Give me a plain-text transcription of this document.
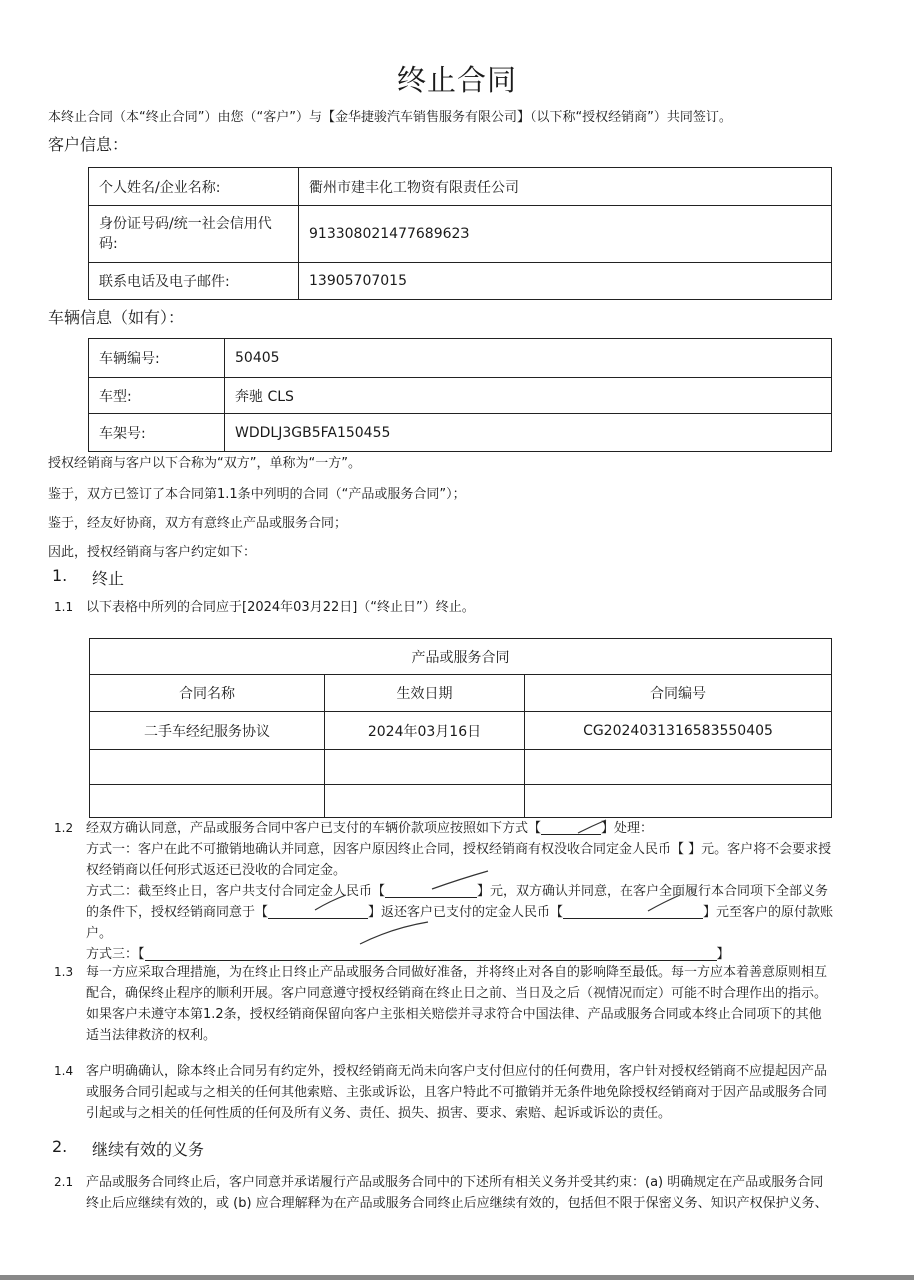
终止合同
本终止合同（本“终止合同”）由您（“客户”）与【金华捷骏汽车销售服务有限公司】（以下称“授权经销商”）共同签订。
客户信息：
个人姓名/企业名称:	衢州市建丰化工物资有限责任公司
身份证号码/统一社会信用代码:	91330802147768962З
联系电话及电子邮件:	13905707015
车辆信息（如有）：
车辆编号:	50405
车型:	奔驰 CLS
车架号:	WDDLJ3GB5FA150455
授权经销商与客户以下合称为“双方”，单称为“一方”。
鉴于，双方已签订了本合同第1.1条中列明的合同（“产品或服务合同”）；
鉴于，经友好协商，双方有意终止产品或服务合同；
因此，授权经销商与客户约定如下：
1. 终止
1.1 以下表格中所列的合同应于[2024年03月22日]（“终止日”）终止。
产品或服务合同		
合同名称	生效日期	合同编号
二手车经纪服务协议	2024年03月16日	CG2024031316583550405

1.2 经双方确认同意，产品或服务合同中客户已支付的车辆价款项应按照如下方式【	】处理：
方式一：客户在此不可撤销地确认并同意，因客户原因终止合同，授权经销商有权没收合同定金人民币【 】元。客户将不会要求授
权经销商以任何形式返还已没收的合同定金。
方式二：截至终止日，客户共支付合同定金人民币【	】元，双方确认并同意，在客户全面履行本合同项下全部义务
的条件下，授权经销商同意于【	】返还客户已支付的定金人民币【	】元至客户的原付款账
户。
方式三：【	】
1.3 每一方应采取合理措施，为在终止日终止产品或服务合同做好准备，并将终止对各自的影响降至最低。每一方应本着善意原则相互
配合，确保终止程序的顺利开展。客户同意遵守授权经销商在终止日之前、当日及之后（视情况而定）可能不时合理作出的指示。
如果客户未遵守本第1.2条，授权经销商保留向客户主张相关赔偿并寻求符合中国法律、产品或服务合同或本终止合同项下的其他
适当法律救济的权利。
1.4 客户明确确认，除本终止合同另有约定外，授权经销商无尚未向客户支付但应付的任何费用，客户针对授权经销商不应提起因产品
或服务合同引起或与之相关的任何其他索赔、主张或诉讼，且客户特此不可撤销并无条件地免除授权经销商对于因产品或服务合同
引起或与之相关的任何性质的任何及所有义务、责任、损失、损害、要求、索赔、起诉或诉讼的责任。
2. 继续有效的义务
2.1 产品或服务合同终止后，客户同意并承诺履行产品或服务合同中的下述所有相关义务并受其约束：(a) 明确规定在产品或服务合同
终止后应继续有效的，或 (b) 应合理解释为在产品或服务合同终止后应继续有效的，包括但不限于保密义务、知识产权保护义务、
